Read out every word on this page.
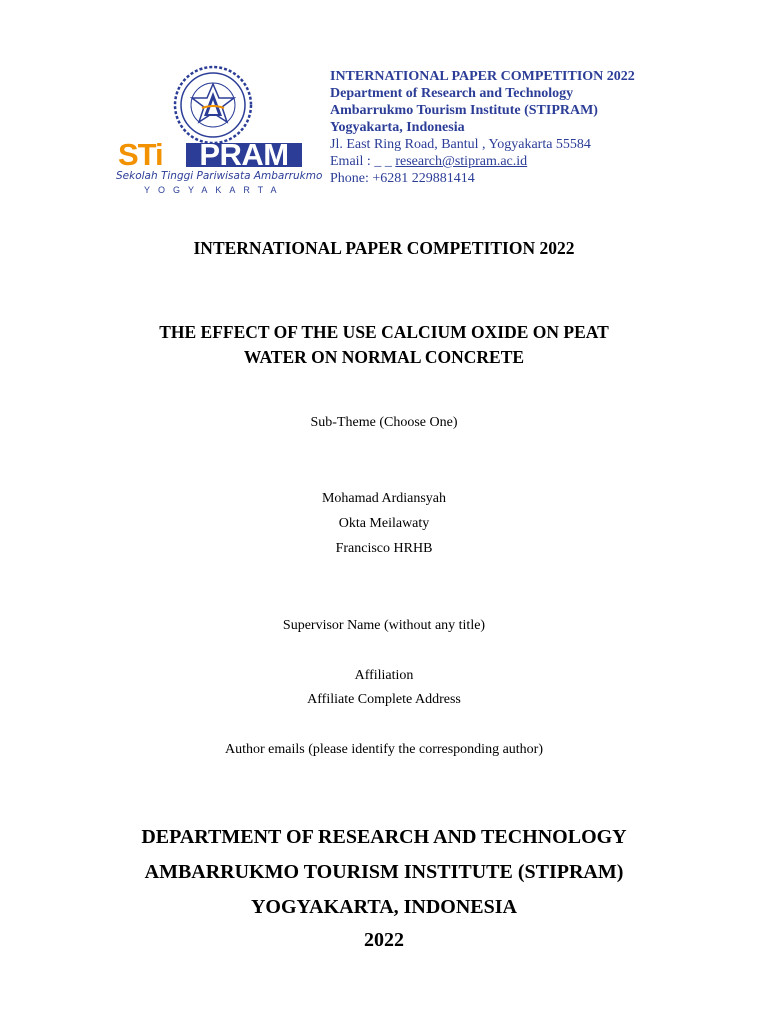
STi	PRAM
Sekolah Tinggi Pariwisata Ambarrukmo
YOGYAKARTA
INTERNATIONAL PAPER COMPETITION 2022
Department of Research and Technology
Ambarrukmo Tourism Institute (STIPRAM)
Yogyakarta, Indonesia
Jl. East Ring Road, Bantul , Yogyakarta 55584
Email : _ _ research@stipram.ac.id
Phone: +6281 229881414
INTERNATIONAL PAPER COMPETITION 2022
THE EFFECT OF THE USE CALCIUM OXIDE ON PEAT
WATER ON NORMAL CONCRETE
Sub-Theme (Choose One)
Mohamad Ardiansyah
Okta Meilawaty
Francisco HRHB
Supervisor Name (without any title)
Affiliation
Affiliate Complete Address
Author emails (please identify the corresponding author)
DEPARTMENT OF RESEARCH AND TECHNOLOGY
AMBARRUKMO TOURISM INSTITUTE (STIPRAM)
YOGYAKARTA, INDONESIA
2022
